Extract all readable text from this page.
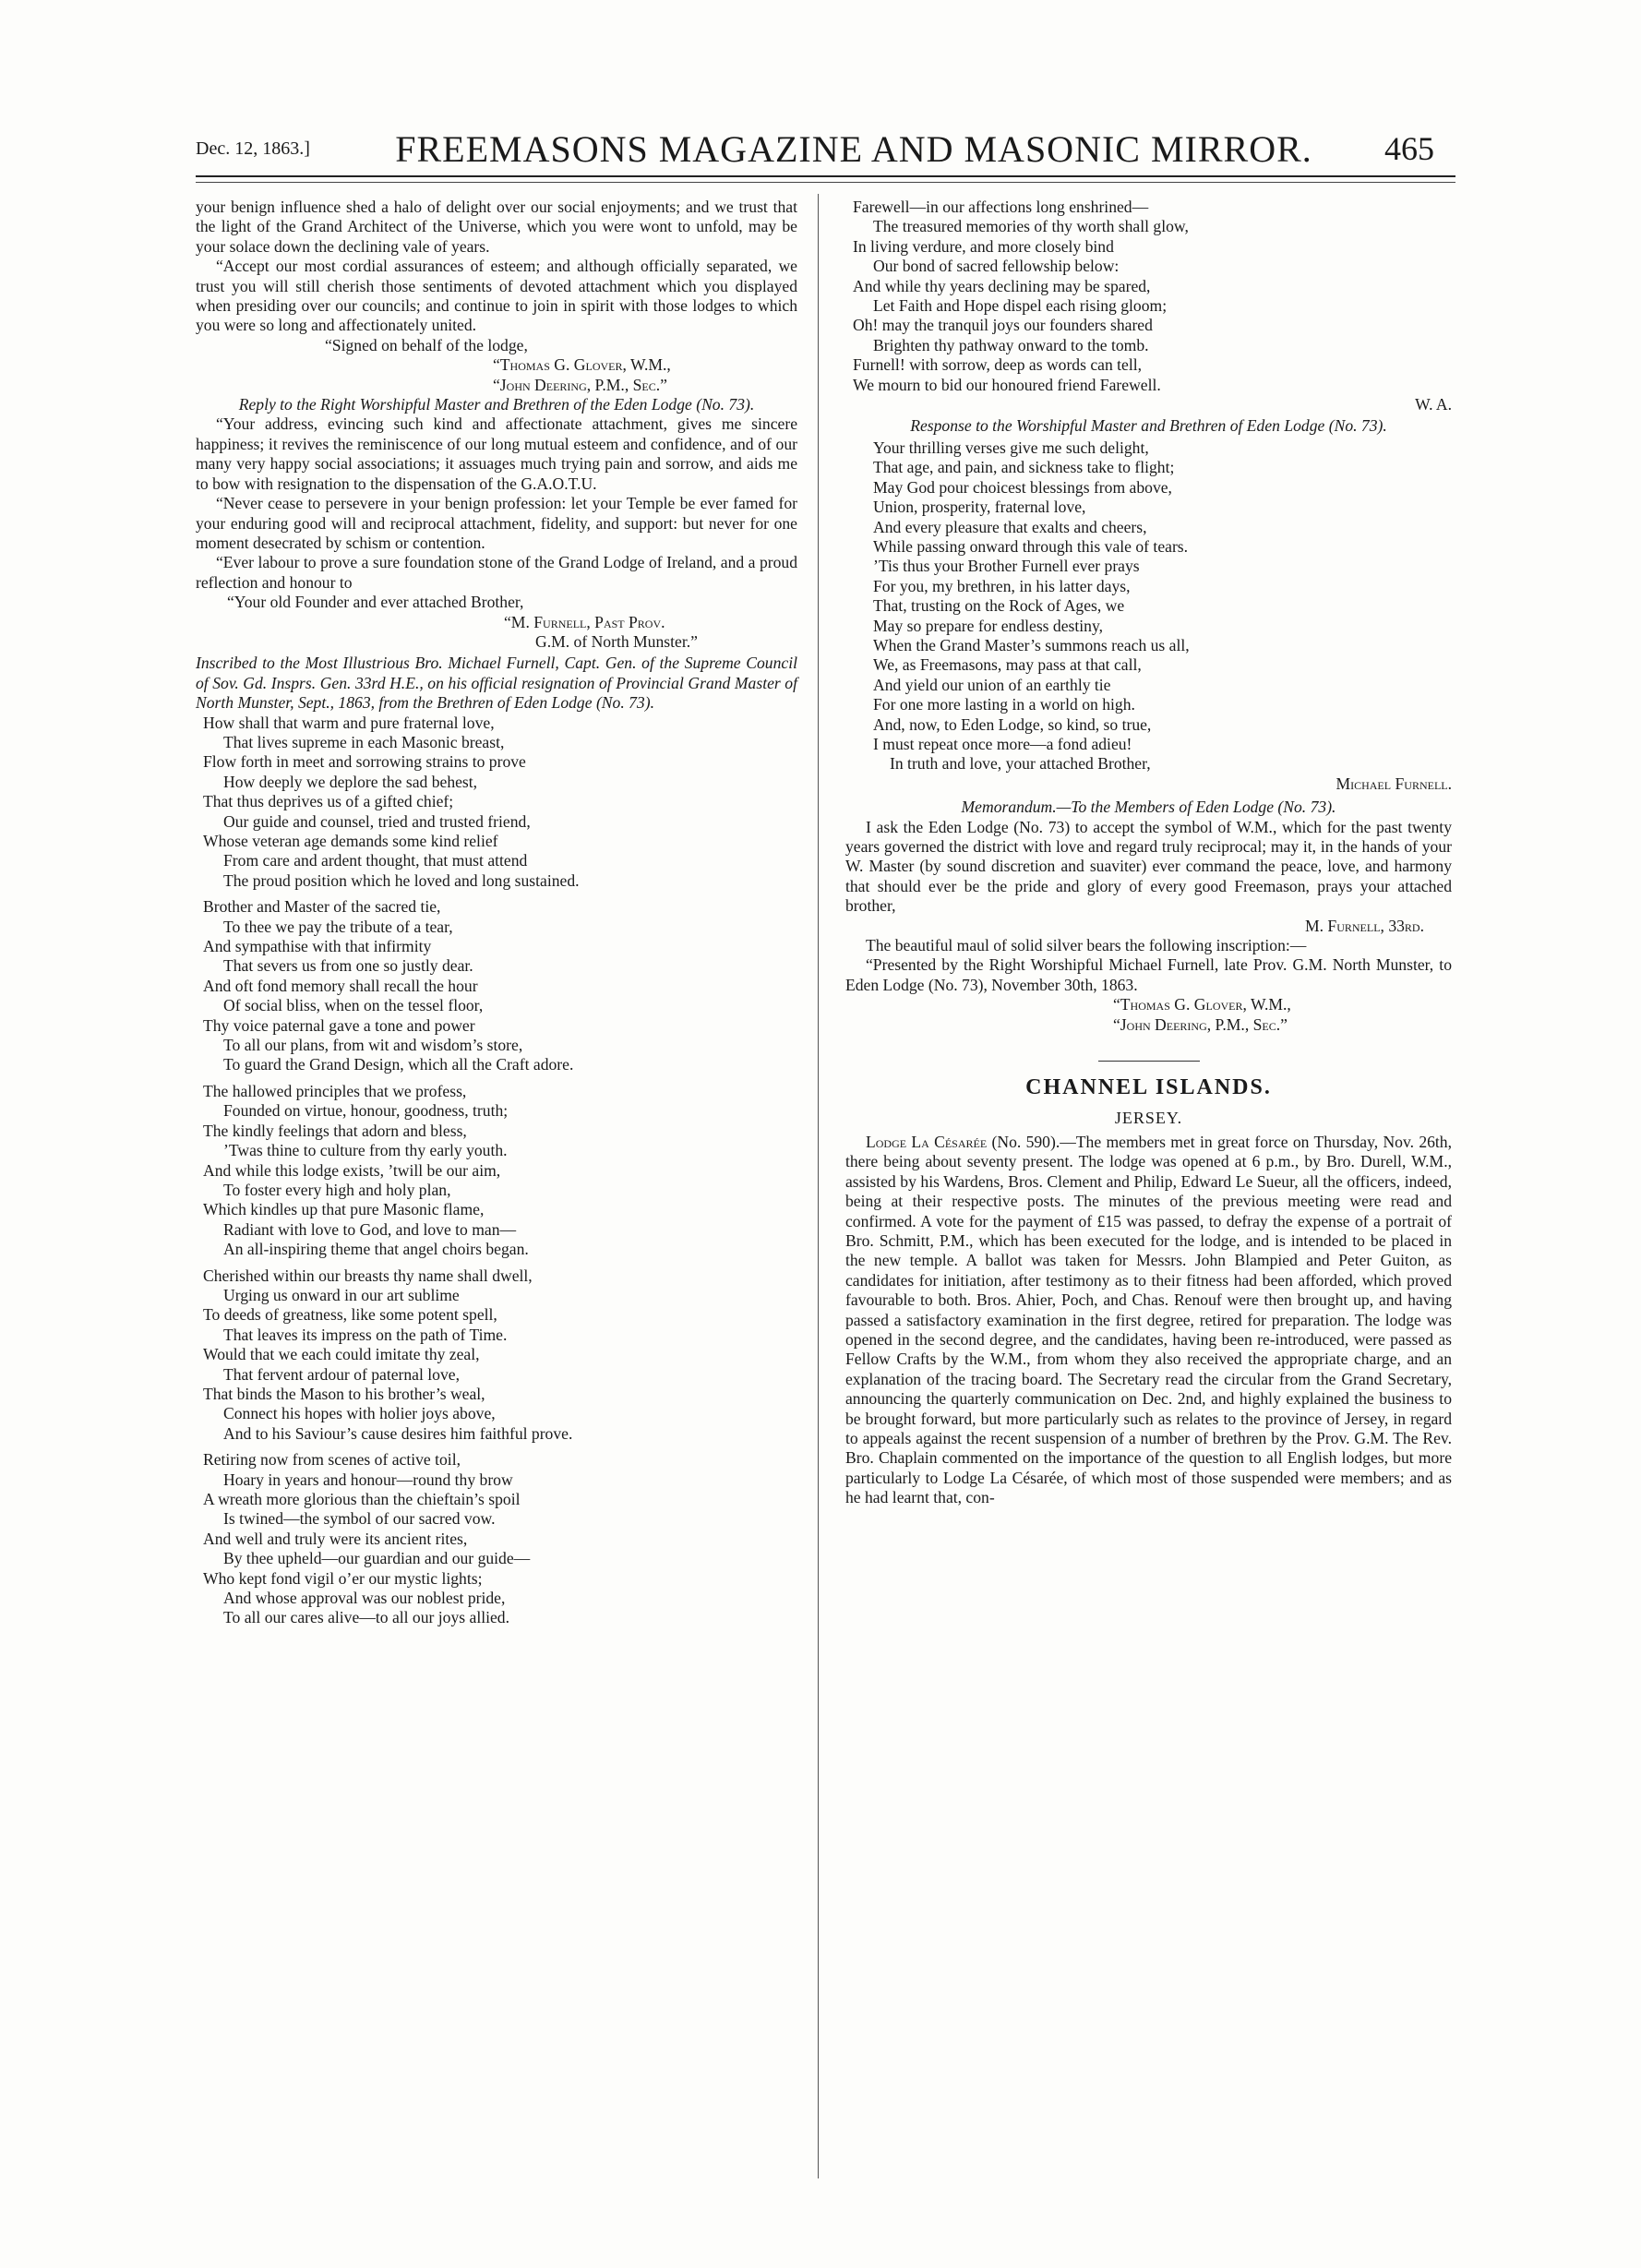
Dec. 12, 1863.]	FREEMASONS MAGAZINE AND MASONIC MIRROR.	465

your benign influence shed a halo of delight over our social enjoyments; and we trust that the light of the Grand Architect of the Universe, which you were wont to unfold, may be your solace down the declining vale of years.

“Accept our most cordial assurances of esteem; and although officially separated, we trust you will still cherish those sentiments of devoted attachment which you displayed when presiding over our councils; and continue to join in spirit with those lodges to which you were so long and affectionately united.

“Signed on behalf of the lodge,

“Thomas G. Glover, W.M.,

“John Deering, P.M., Sec.”

Reply to the Right Worshipful Master and Brethren of the Eden Lodge (No. 73).

“Your address, evincing such kind and affectionate attachment, gives me sincere happiness; it revives the reminiscence of our long mutual esteem and confidence, and of our many very happy social associations; it assuages much trying pain and sorrow, and aids me to bow with resignation to the dispensation of the G.A.O.T.U.

“Never cease to persevere in your benign profession: let your Temple be ever famed for your enduring good will and reciprocal attachment, fidelity, and support: but never for one moment desecrated by schism or contention.

“Ever labour to prove a sure foundation stone of the Grand Lodge of Ireland, and a proud reflection and honour to

“Your old Founder and ever attached Brother,

“M. Furnell, Past Prov.

G.M. of North Munster.”

Inscribed to the Most Illustrious Bro. Michael Furnell, Capt. Gen. of the Supreme Council of Sov. Gd. Insprs. Gen. 33rd H.E., on his official resignation of Provincial Grand Master of North Munster, Sept., 1863, from the Brethren of Eden Lodge (No. 73).

How shall that warm and pure fraternal love,
That lives supreme in each Masonic breast,
Flow forth in meet and sorrowing strains to prove
How deeply we deplore the sad behest,
That thus deprives us of a gifted chief;
Our guide and counsel, tried and trusted friend,
Whose veteran age demands some kind relief
From care and ardent thought, that must attend
The proud position which he loved and long sustained.
Brother and Master of the sacred tie,
To thee we pay the tribute of a tear,
And sympathise with that infirmity
That severs us from one so justly dear.
And oft fond memory shall recall the hour
Of social bliss, when on the tessel floor,
Thy voice paternal gave a tone and power
To all our plans, from wit and wisdom’s store,
To guard the Grand Design, which all the Craft adore.
The hallowed principles that we profess,
Founded on virtue, honour, goodness, truth;
The kindly feelings that adorn and bless,
’Twas thine to culture from thy early youth.
And while this lodge exists, ’twill be our aim,
To foster every high and holy plan,
Which kindles up that pure Masonic flame,
Radiant with love to God, and love to man—
An all-inspiring theme that angel choirs began.
Cherished within our breasts thy name shall dwell,
Urging us onward in our art sublime
To deeds of greatness, like some potent spell,
That leaves its impress on the path of Time.
Would that we each could imitate thy zeal,
That fervent ardour of paternal love,
That binds the Mason to his brother’s weal,
Connect his hopes with holier joys above,
And to his Saviour’s cause desires him faithful prove.
Retiring now from scenes of active toil,
Hoary in years and honour—round thy brow
A wreath more glorious than the chieftain’s spoil
Is twined—the symbol of our sacred vow.
And well and truly were its ancient rites,
By thee upheld—our guardian and our guide—
Who kept fond vigil o’er our mystic lights;
And whose approval was our noblest pride,
To all our cares alive—to all our joys allied.
Farewell—in our affections long enshrined—
The treasured memories of thy worth shall glow,
In living verdure, and more closely bind
Our bond of sacred fellowship below:
And while thy years declining may be spared,
Let Faith and Hope dispel each rising gloom;
Oh! may the tranquil joys our founders shared
Brighten thy pathway onward to the tomb.
Furnell! with sorrow, deep as words can tell,
We mourn to bid our honoured friend Farewell.
W. A.

Response to the Worshipful Master and Brethren of Eden Lodge (No. 73).

Your thrilling verses give me such delight,
That age, and pain, and sickness take to flight;
May God pour choicest blessings from above,
Union, prosperity, fraternal love,
And every pleasure that exalts and cheers,
While passing onward through this vale of tears.
’Tis thus your Brother Furnell ever prays
For you, my brethren, in his latter days,
That, trusting on the Rock of Ages, we
May so prepare for endless destiny,
When the Grand Master’s summons reach us all,
We, as Freemasons, may pass at that call,
And yield our union of an earthly tie
For one more lasting in a world on high.
And, now, to Eden Lodge, so kind, so true,
I must repeat once more—a fond adieu!
In truth and love, your attached Brother,

Michael Furnell.

Memorandum.—To the Members of Eden Lodge (No. 73).

I ask the Eden Lodge (No. 73) to accept the symbol of W.M., which for the past twenty years governed the district with love and regard truly reciprocal; may it, in the hands of your W. Master (by sound discretion and suaviter) ever command the peace, love, and harmony that should ever be the pride and glory of every good Freemason, prays your attached brother,

M. Furnell, 33rd.

The beautiful maul of solid silver bears the following inscription:—

“Presented by the Right Worshipful Michael Furnell, late Prov. G.M. North Munster, to Eden Lodge (No. 73), November 30th, 1863.

“Thomas G. Glover, W.M.,

“John Deering, P.M., Sec.”

CHANNEL ISLANDS.
JERSEY.

Lodge La Césarée (No. 590).—The members met in great force on Thursday, Nov. 26th, there being about seventy present. The lodge was opened at 6 p.m., by Bro. Durell, W.M., assisted by his Wardens, Bros. Clement and Philip, Edward Le Sueur, all the officers, indeed, being at their respective posts. The minutes of the previous meeting were read and confirmed. A vote for the payment of £15 was passed, to defray the expense of a portrait of Bro. Schmitt, P.M., which has been executed for the lodge, and is intended to be placed in the new temple. A ballot was taken for Messrs. John Blampied and Peter Guiton, as candidates for initiation, after testimony as to their fitness had been afforded, which proved favourable to both. Bros. Ahier, Poch, and Chas. Renouf were then brought up, and having passed a satisfactory examination in the first degree, retired for preparation. The lodge was opened in the second degree, and the candidates, having been re-introduced, were passed as Fellow Crafts by the W.M., from whom they also received the appropriate charge, and an explanation of the tracing board. The Secretary read the circular from the Grand Secretary, announcing the quarterly communication on Dec. 2nd, and highly explained the business to be brought forward, but more particularly such as relates to the province of Jersey, in regard to appeals against the recent suspension of a number of brethren by the Prov. G.M. The Rev. Bro. Chaplain commented on the importance of the question to all English lodges, but more particularly to Lodge La Césarée, of which most of those suspended were members; and as he had learnt that, con-
